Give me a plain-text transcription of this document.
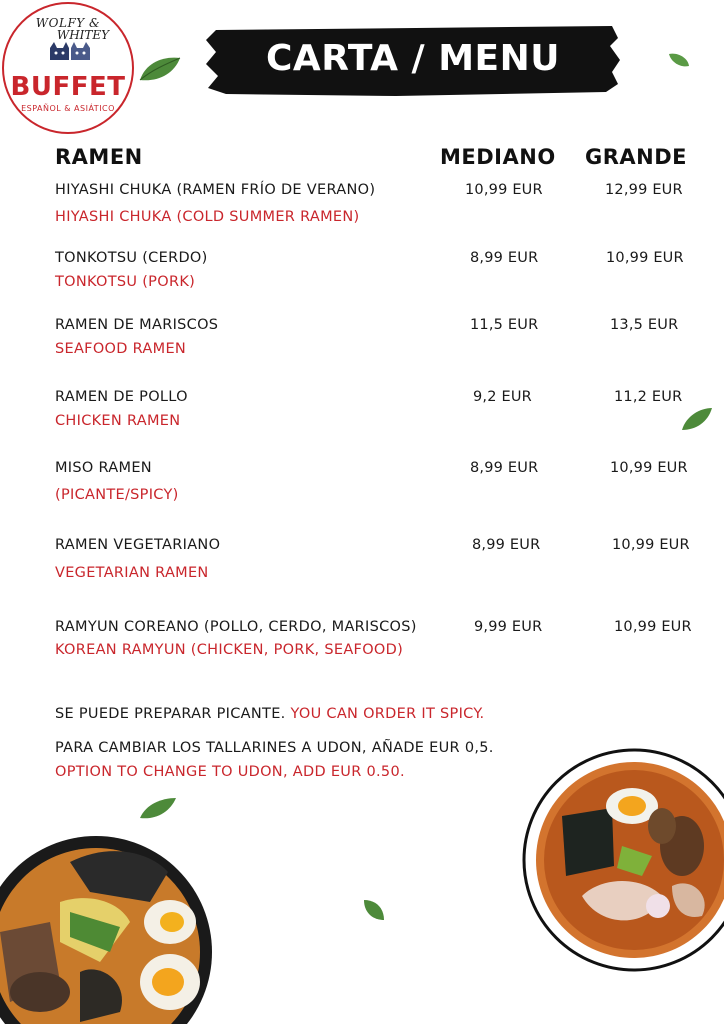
WOLFY &
WHITEY
BUFFET
ESPAÑOL & ASIÁTICO
CARTA / MENU
RAMEN	MEDIANO GRANDE
HIYASHI CHUKA (RAMEN FRÍO DE VERANO)
HIYASHI CHUKA (COLD SUMMER RAMEN)
10,99 EUR	12,99 EUR
TONKOTSU (CERDO)
TONKOTSU (PORK)
8,99 EUR	10,99 EUR
RAMEN DE MARISCOS
SEAFOOD RAMEN
11,5 EUR	13,5 EUR
RAMEN DE POLLO
CHICKEN RAMEN
9,2 EUR	11,2 EUR
MISO RAMEN
(PICANTE/SPICY)
8,99 EUR	10,99 EUR
RAMEN VEGETARIANO
VEGETARIAN RAMEN
8,99 EUR	10,99 EUR
RAMYUN COREANO (POLLO, CERDO, MARISCOS)
KOREAN RAMYUN (CHICKEN, PORK, SEAFOOD)
9,99 EUR	10,99 EUR
SE PUEDE PREPARAR PICANTE. YOU CAN ORDER IT SPICY.
PARA CAMBIAR LOS TALLARINES A UDON, AÑADE EUR 0,5.
OPTION TO CHANGE TO UDON, ADD EUR 0.50.
